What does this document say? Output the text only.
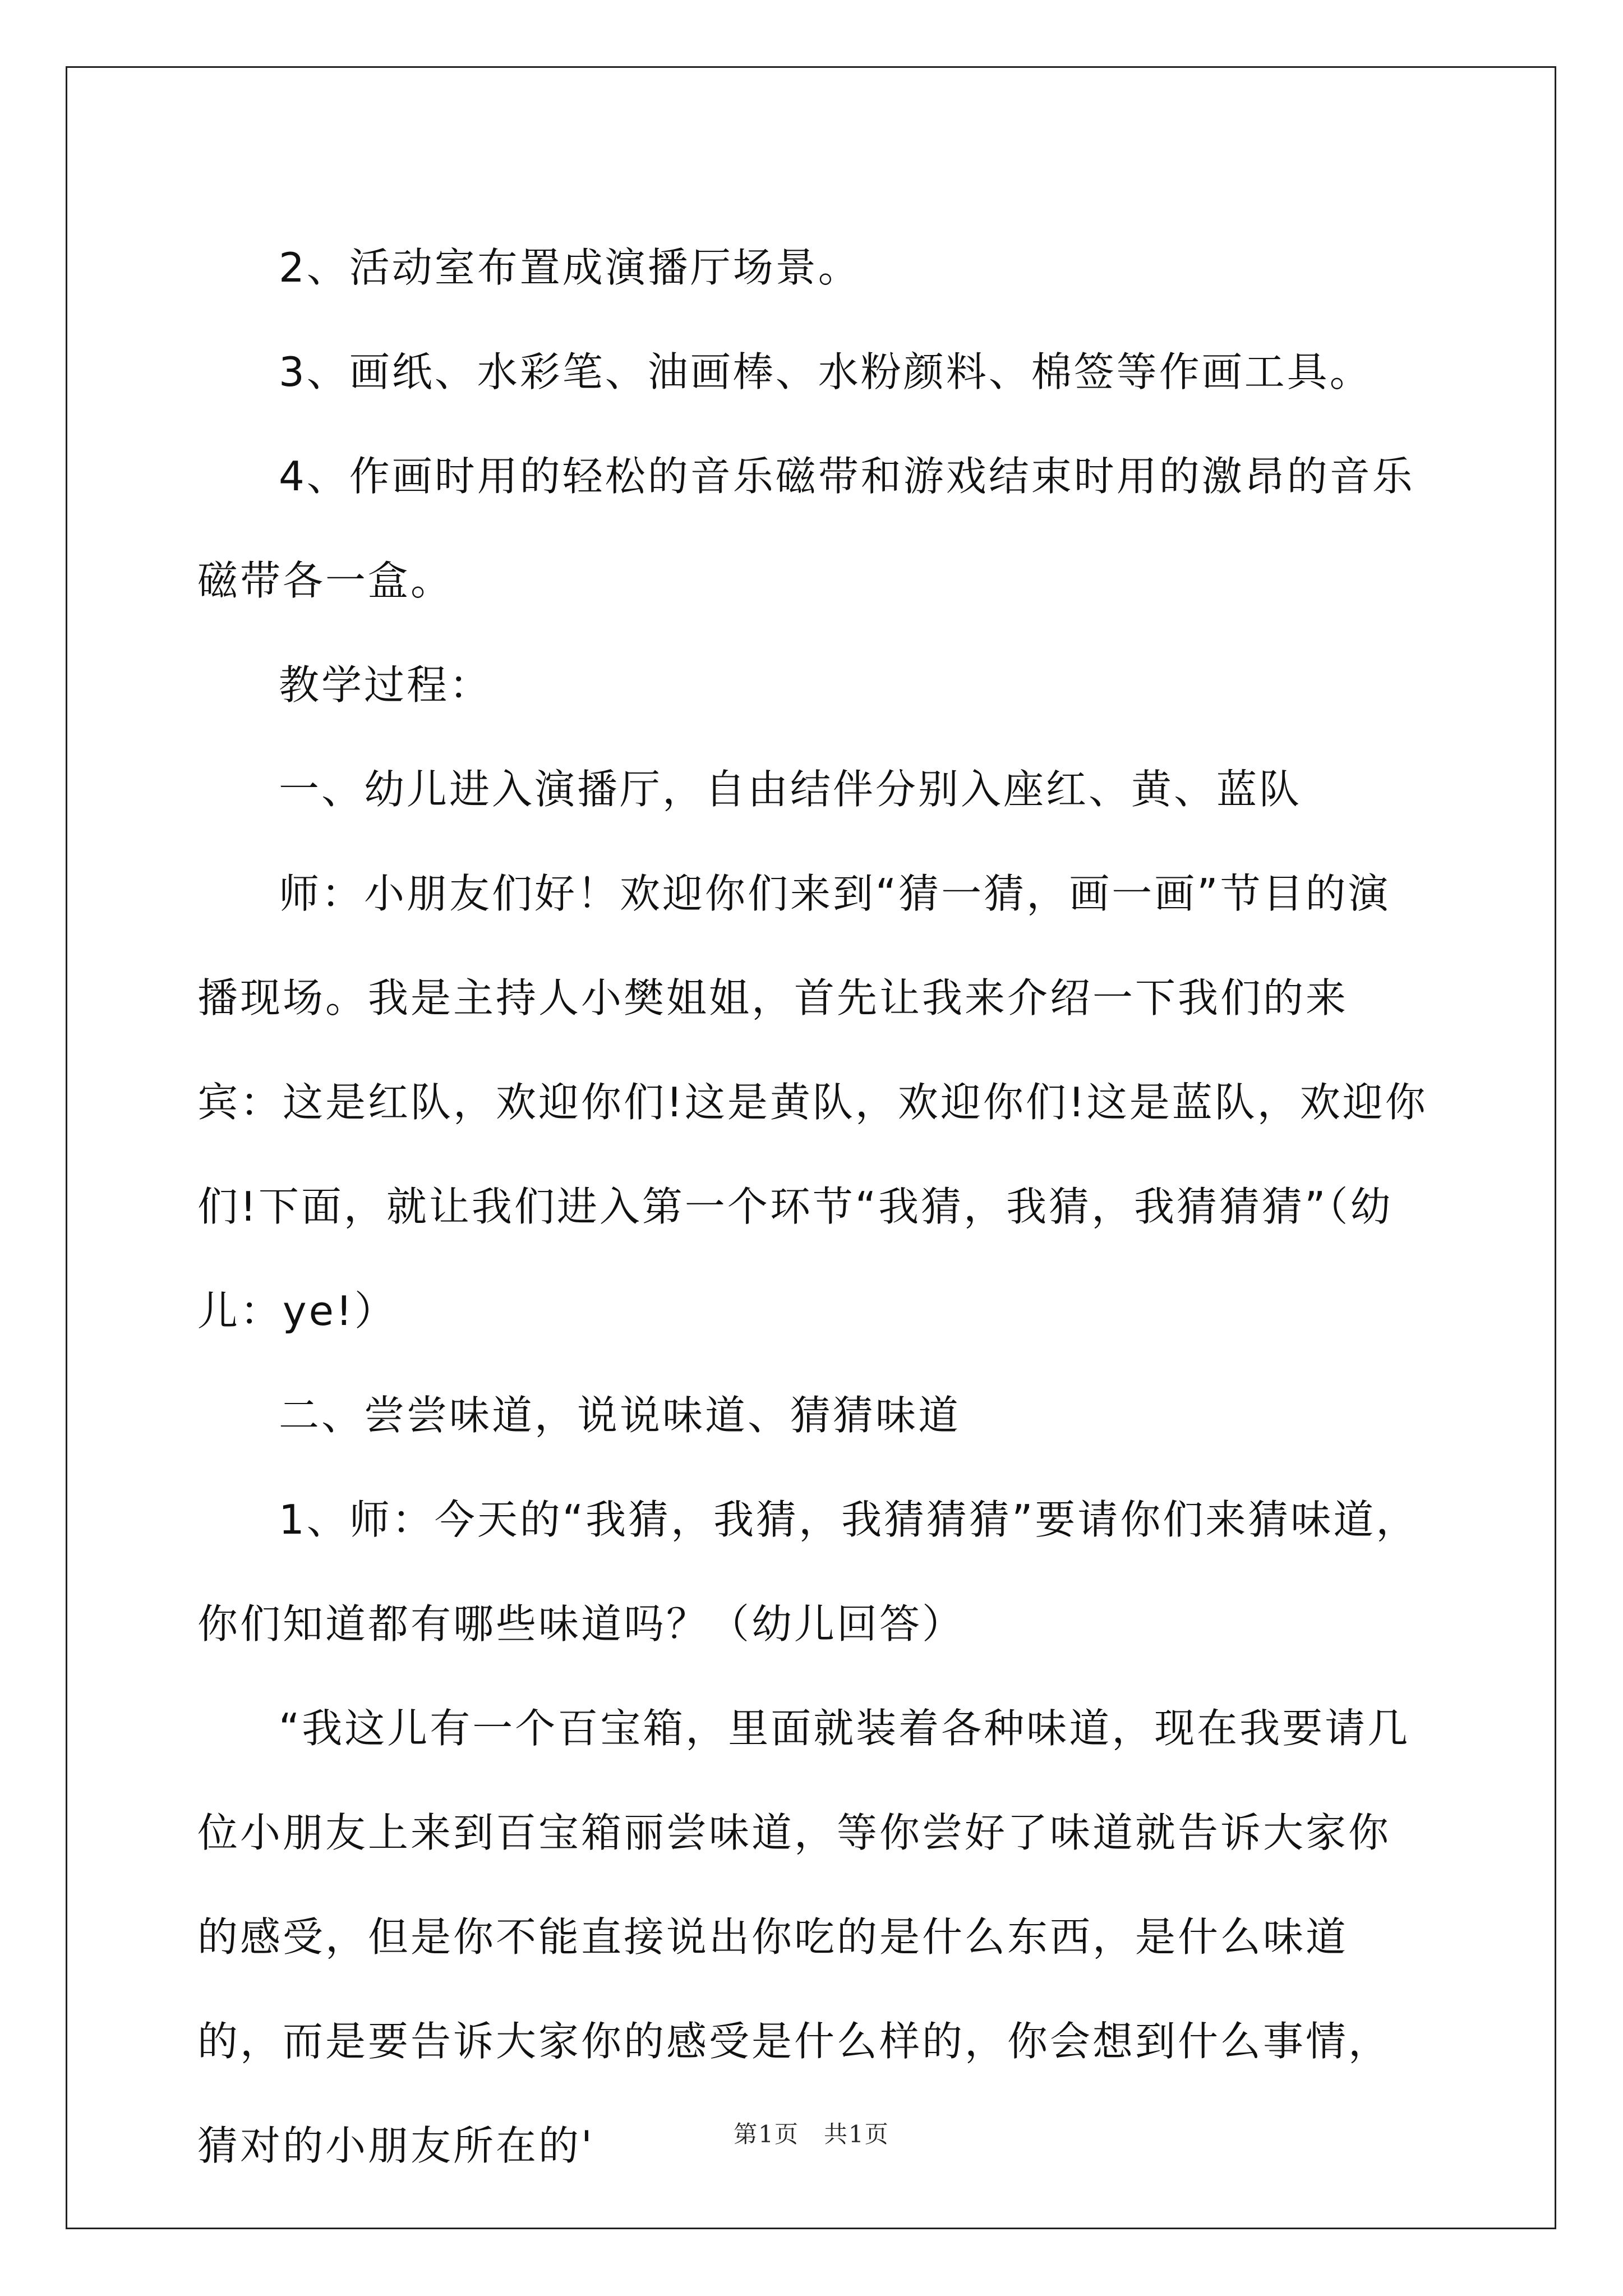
2、活动室布置成演播厅场景。

3、画纸、水彩笔、油画棒、水粉颜料、棉签等作画工具。

4、作画时用的轻松的音乐磁带和游戏结束时用的激昂的音乐磁带各一盒。

教学过程：

一、幼儿进入演播厅，自由结伴分别入座红、黄、蓝队

师：小朋友们好！欢迎你们来到“猜一猜，画一画”节目的演播现场。我是主持人小樊姐姐，首先让我来介绍一下我们的来宾：这是红队，欢迎你们!这是黄队，欢迎你们!这是蓝队，欢迎你们!下面，就让我们进入第一个环节“我猜，我猜，我猜猜猜”（幼儿：ye!）

二、尝尝味道，说说味道、猜猜味道

1、师：今天的“我猜，我猜，我猜猜猜”要请你们来猜味道，你们知道都有哪些味道吗？（幼儿回答）

“我这儿有一个百宝箱，里面就装着各种味道，现在我要请几位小朋友上来到百宝箱丽尝味道，等你尝好了味道就告诉大家你的感受，但是你不能直接说出你吃的是什么东西，是什么味道的，而是要告诉大家你的感受是什么样的，你会想到什么事情，猜对的小朋友所在的'	第1页　共1页
